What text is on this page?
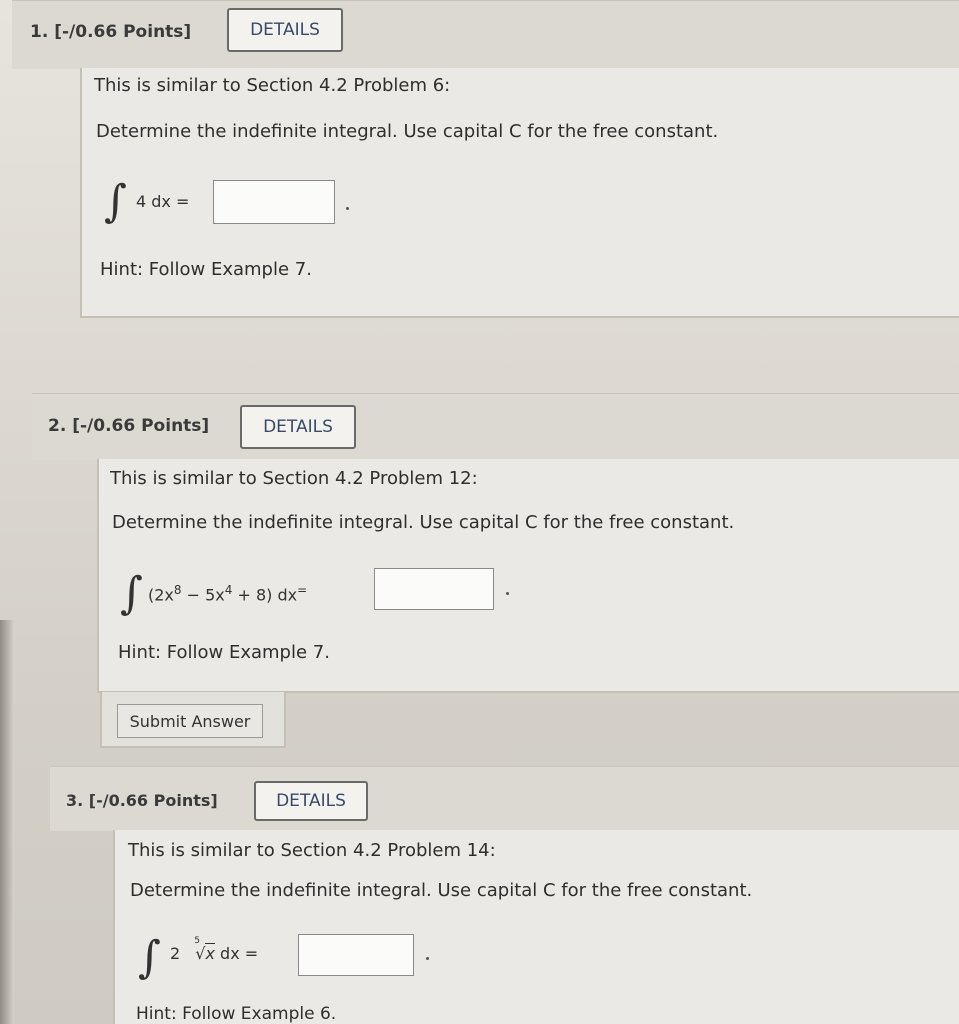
1. [-/0.66 Points]	DETAILS
This is similar to Section 4.2 Problem 6:
Determine the indefinite integral. Use capital C for the free constant.
∫ 4 dx =
Hint: Follow Example 7.
2. [-/0.66 Points]	DETAILS
This is similar to Section 4.2 Problem 12:
Determine the indefinite integral. Use capital C for the free constant.
∫ $(2x^8 - 5x^4 + 8)$ dx=
Hint: Follow Example 7.
Submit Answer
3. [-/0.66 Points]	DETAILS
This is similar to Section 4.2 Problem 14:
Determine the indefinite integral. Use capital C for the free constant.
∫ 2
5
√x dx =
Hint: Follow Example 6.
